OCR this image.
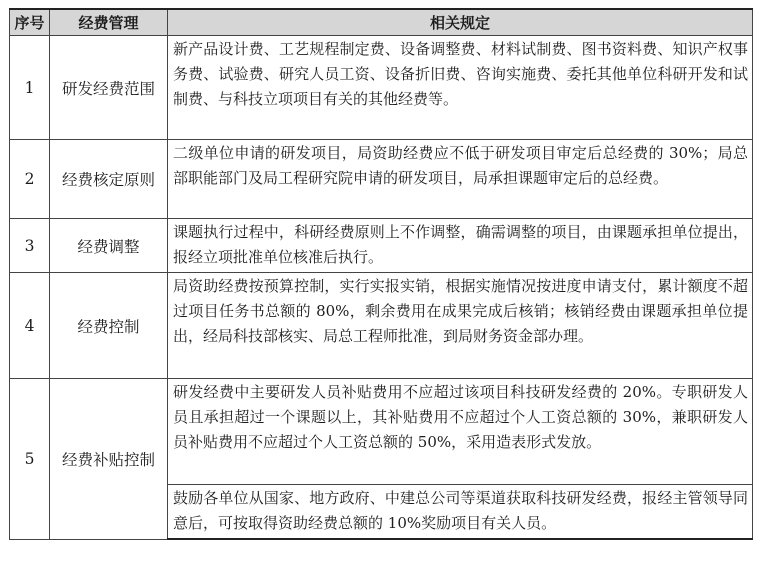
序号	经费管理	相关规定
1	研发经费范围	新产品设计费、工艺规程制定费、设备调整费、材料试制费、图书资料费、知识产权事务费、试验费、研究人员工资、设备折旧费、咨询实施费、委托其他单位科研开发和试制费、与科技立项项目有关的其他经费等。
2	经费核定原则	二级单位申请的研发项目，局资助经费应不低于研发项目审定后总经费的 30%；局总部职能部门及局工程研究院申请的研发项目，局承担课题审定后的总经费。
3	经费调整	课题执行过程中，科研经费原则上不作调整，确需调整的项目，由课题承担单位提出，报经立项批准单位核准后执行。
4	经费控制	局资助经费按预算控制，实行实报实销，根据实施情况按进度申请支付，累计额度不超过项目任务书总额的 80%，剩余费用在成果完成后核销；核销经费由课题承担单位提出，经局科技部核实、局总工程师批准，到局财务资金部办理。
5	经费补贴控制	研发经费中主要研发人员补贴费用不应超过该项目科技研发经费的 20%。专职研发人员且承担超过一个课题以上，其补贴费用不应超过个人工资总额的 30%，兼职研发人员补贴费用不应超过个人工资总额的 50%，采用造表形式发放。
		鼓励各单位从国家、地方政府、中建总公司等渠道获取科技研发经费，报经主管领导同意后，可按取得资助经费总额的 10%奖励项目有关人员。
